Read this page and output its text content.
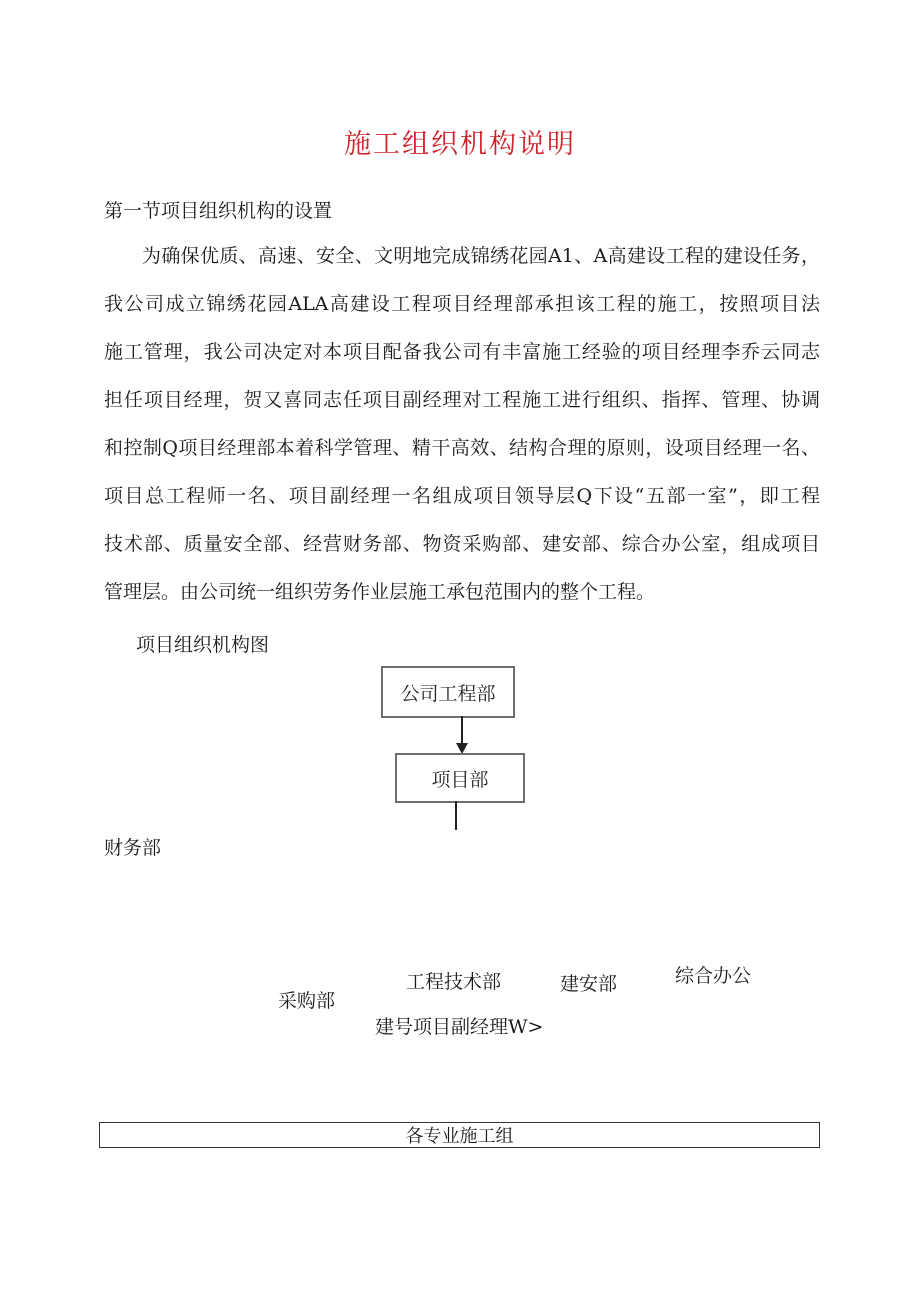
施工组织机构说明
第一节项目组织机构的设置
为确保优质、高速、安全、文明地完成锦绣花园A1、A高建设工程的建设任务，
我公司成立锦绣花园ALA高建设工程项目经理部承担该工程的施工，按照项目法
施工管理，我公司决定对本项目配备我公司有丰富施工经验的项目经理李乔云同志
担任项目经理，贺又喜同志任项目副经理对工程施工进行组织、指挥、管理、协调
和控制Q项目经理部本着科学管理、精干高效、结构合理的原则，设项目经理一名、
项目总工程师一名、项目副经理一名组成项目领导层Q下设“五部一室”，即工程
技术部、质量安全部、经营财务部、物资采购部、建安部、综合办公室，组成项目
管理层。由公司统一组织劳务作业层施工承包范围内的整个工程。
项目组织机构图
公司工程部
项目部
财务部
采购部
工程技术部	建安部	综合办公
建号项目副经理W>
各专业施工组
